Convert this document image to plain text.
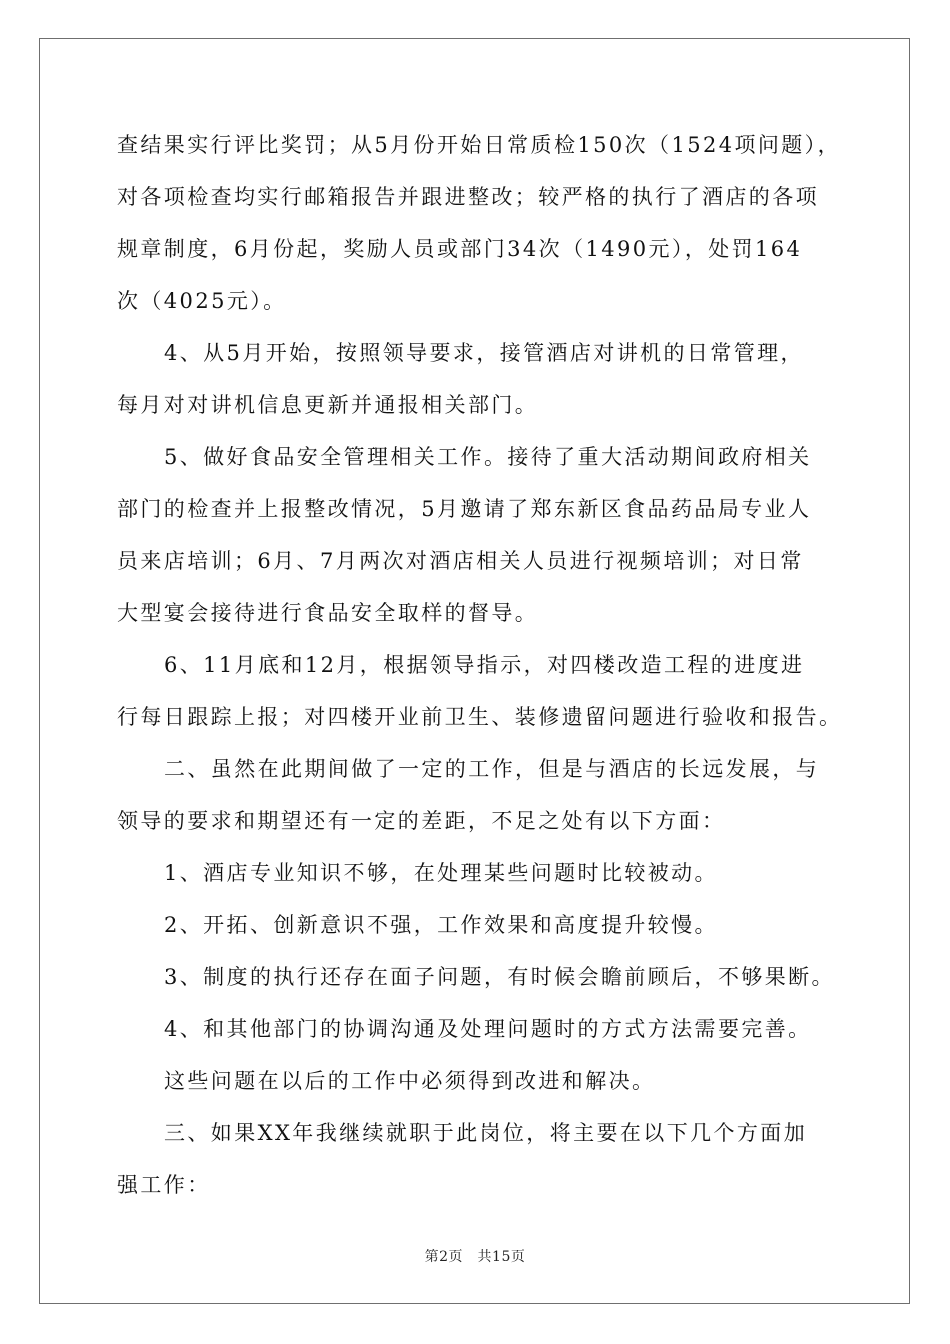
查结果实行评比奖罚；从5月份开始日常质检150次（1524项问题），
对各项检查均实行邮箱报告并跟进整改；较严格的执行了酒店的各项
规章制度，6月份起，奖励人员或部门34次（1490元），处罚164
次（4025元）。
4、从5月开始，按照领导要求，接管酒店对讲机的日常管理，
每月对对讲机信息更新并通报相关部门。
5、做好食品安全管理相关工作。接待了重大活动期间政府相关
部门的检查并上报整改情况，5月邀请了郑东新区食品药品局专业人
员来店培训；6月、7月两次对酒店相关人员进行视频培训；对日常
大型宴会接待进行食品安全取样的督导。
6、11月底和12月，根据领导指示，对四楼改造工程的进度进
行每日跟踪上报；对四楼开业前卫生、装修遗留问题进行验收和报告。
二、虽然在此期间做了一定的工作，但是与酒店的长远发展，与
领导的要求和期望还有一定的差距，不足之处有以下方面：
1、酒店专业知识不够，在处理某些问题时比较被动。
2、开拓、创新意识不强，工作效果和高度提升较慢。
3、制度的执行还存在面子问题，有时候会瞻前顾后，不够果断。
4、和其他部门的协调沟通及处理问题时的方式方法需要完善。
这些问题在以后的工作中必须得到改进和解决。
三、如果XX年我继续就职于此岗位，将主要在以下几个方面加
强工作：
第2页　共15页
